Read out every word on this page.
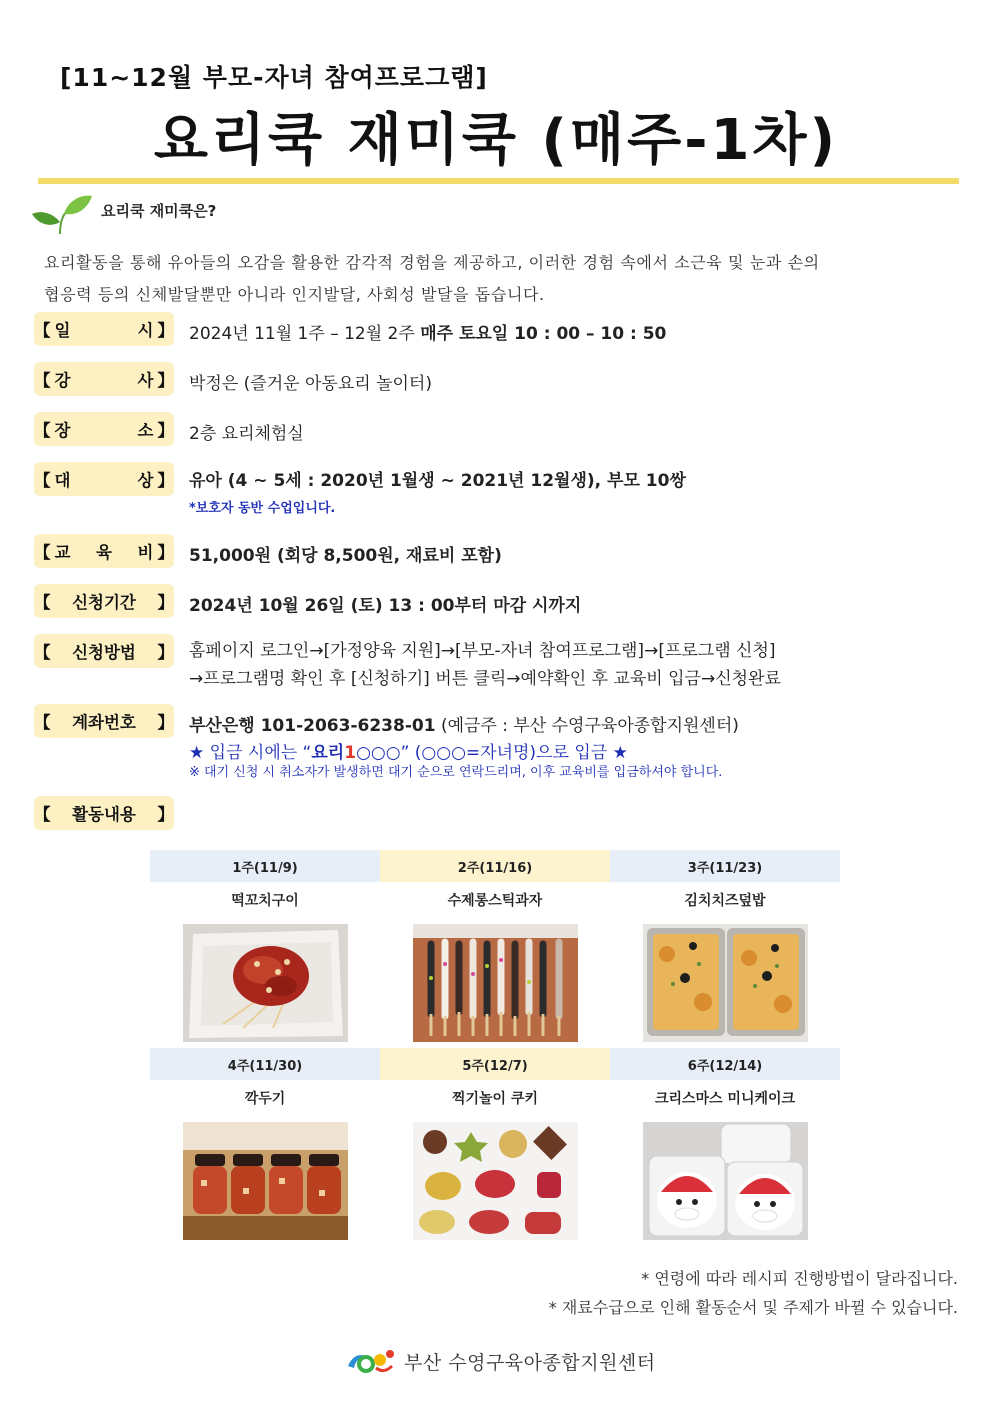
[11~12월 부모-자녀 참여프로그램]
요리쿡 재미쿡 (매주-1차)
요리쿡 재미쿡은?
요리활동을 통해 유아들의 오감을 활용한 감각적 경험을 제공하고, 이러한 경험 속에서 소근육 및 눈과 손의
협응력 등의 신체발달뿐만 아니라 인지발달, 사회성 발달을 돕습니다.
【 일	시 】 2024년 11월 1주 – 12월 2주 매주 토요일 10 : 00 – 10 : 50
【 강	사 】 박정은 (즐거운 아동요리 놀이터)
【 장	소 】 2층 요리체험실
【 대	상 】 유아 (4 ~ 5세 : 2020년 1월생 ~ 2021년 12월생), 부모 10쌍
*보호자 동반 수업입니다.
【 교 육 비 】 51,000원 (회당 8,500원, 재료비 포함)
【	신청기간	】 2024년 10월 26일 (토) 13 : 00부터 마감 시까지
【	신청방법	】 홈페이지 로그인→[가정양육 지원]→[부모-자녀 참여프로그램]→[프로그램 신청]
→프로그램명 확인 후 [신청하기] 버튼 클릭→예약확인 후 교육비 입금→신청완료
【	계좌번호	】 부산은행 101-2063-6238-01 (예금주 : 부산 수영구육아종합지원센터)
★ 입금 시에는 “요리1○○○” (○○○=자녀명)으로 입금 ★
※ 대기 신청 시 취소자가 발생하면 대기 순으로 연락드리며, 이후 교육비를 입금하셔야 합니다.
【	활동내용	】
1주(11/9)	2주(11/16)	3주(11/23)
떡꼬치구이	수제롱스틱과자	김치치즈덮밥
4주(11/30)	5주(12/7)	6주(12/14)
깍두기	찍기놀이 쿠키	크리스마스 미니케이크
* 연령에 따라 레시피 진행방법이 달라집니다.
* 재료수급으로 인해 활동순서 및 주제가 바뀔 수 있습니다.
부산 수영구육아종합지원센터
